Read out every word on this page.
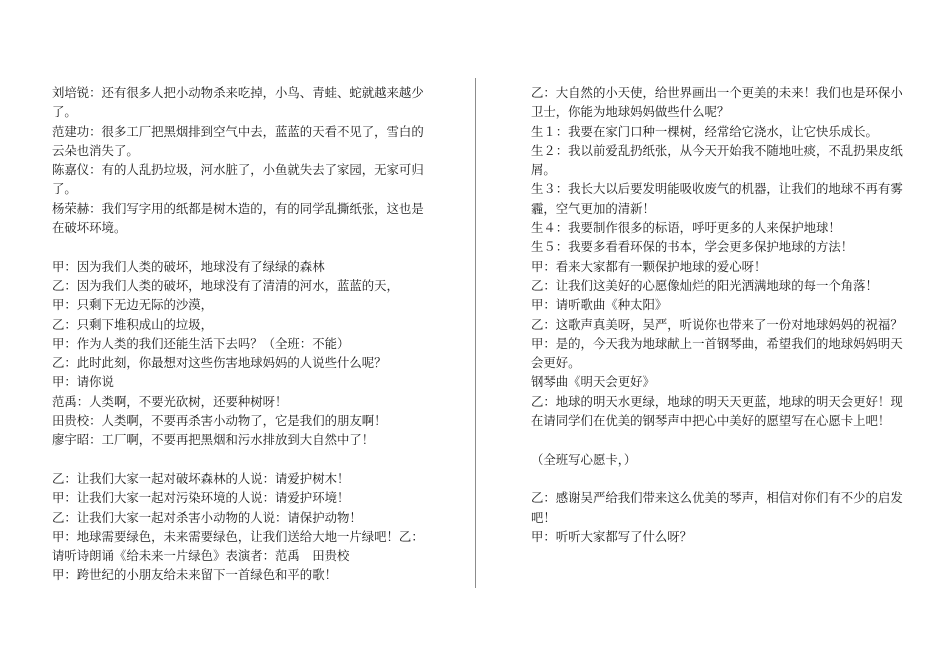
刘培锐：还有很多人把小动物杀来吃掉，小鸟、青蛙、蛇就越来越少了。
范建功：很多工厂把黑烟排到空气中去，蓝蓝的天看不见了，雪白的云朵也消失了。
陈嘉仪：有的人乱扔垃圾，河水脏了，小鱼就失去了家园，无家可归了。
杨荣赫：我们写字用的纸都是树木造的，有的同学乱撕纸张，这也是在破坏环境。
甲：因为我们人类的破坏，地球没有了绿绿的森林
乙：因为我们人类的破坏，地球没有了清清的河水，蓝蓝的天，
甲：只剩下无边无际的沙漠，
乙：只剩下堆积成山的垃圾，
甲：作为人类的我们还能生活下去吗？（全班：不能）
乙：此时此刻，你最想对这些伤害地球妈妈的人说些什么呢？
甲：请你说
范禹：人类啊，不要光砍树，还要种树呀！
田贵校：人类啊，不要再杀害小动物了，它是我们的朋友啊！
廖宇昭：工厂啊，不要再把黑烟和污水排放到大自然中了！
乙：让我们大家一起对破坏森林的人说：请爱护树木！
甲：让我们大家一起对污染环境的人说：请爱护环境！
乙：让我们大家一起对杀害小动物的人说：请保护动物！
甲：地球需要绿色，未来需要绿色，让我们送给大地一片绿吧！乙：请听诗朗诵《给未来一片绿色》表演者：范禹　田贵校
甲：跨世纪的小朋友给未来留下一首绿色和平的歌！
乙：大自然的小天使，给世界画出一个更美的未来！我们也是环保小卫士，你能为地球妈妈做些什么呢？
生１：我要在家门口种一棵树，经常给它浇水，让它快乐成长。
生２：我以前爱乱扔纸张，从今天开始我不随地吐痰，不乱扔果皮纸屑。
生３：我长大以后要发明能吸收废气的机器，让我们的地球不再有雾霾，空气更加的清新！
生４：我要制作很多的标语，呼吁更多的人来保护地球！
生５：我要多看看环保的书本，学会更多保护地球的方法！
甲：看来大家都有一颗保护地球的爱心呀！
乙：让我们这美好的心愿像灿烂的阳光洒满地球的每一个角落！
甲：请听歌曲《种太阳》
乙：这歌声真美呀，吴严，听说你也带来了一份对地球妈妈的祝福？
甲：是的，今天我为地球献上一首钢琴曲，希望我们的地球妈妈明天会更好。
钢琴曲《明天会更好》
乙：地球的明天水更绿，地球的明天天更蓝，地球的明天会更好！现在请同学们在优美的钢琴声中把心中美好的愿望写在心愿卡上吧！
（全班写心愿卡，）
乙：感谢吴严给我们带来这么优美的琴声，相信对你们有不少的启发吧！
甲：听听大家都写了什么呀？
